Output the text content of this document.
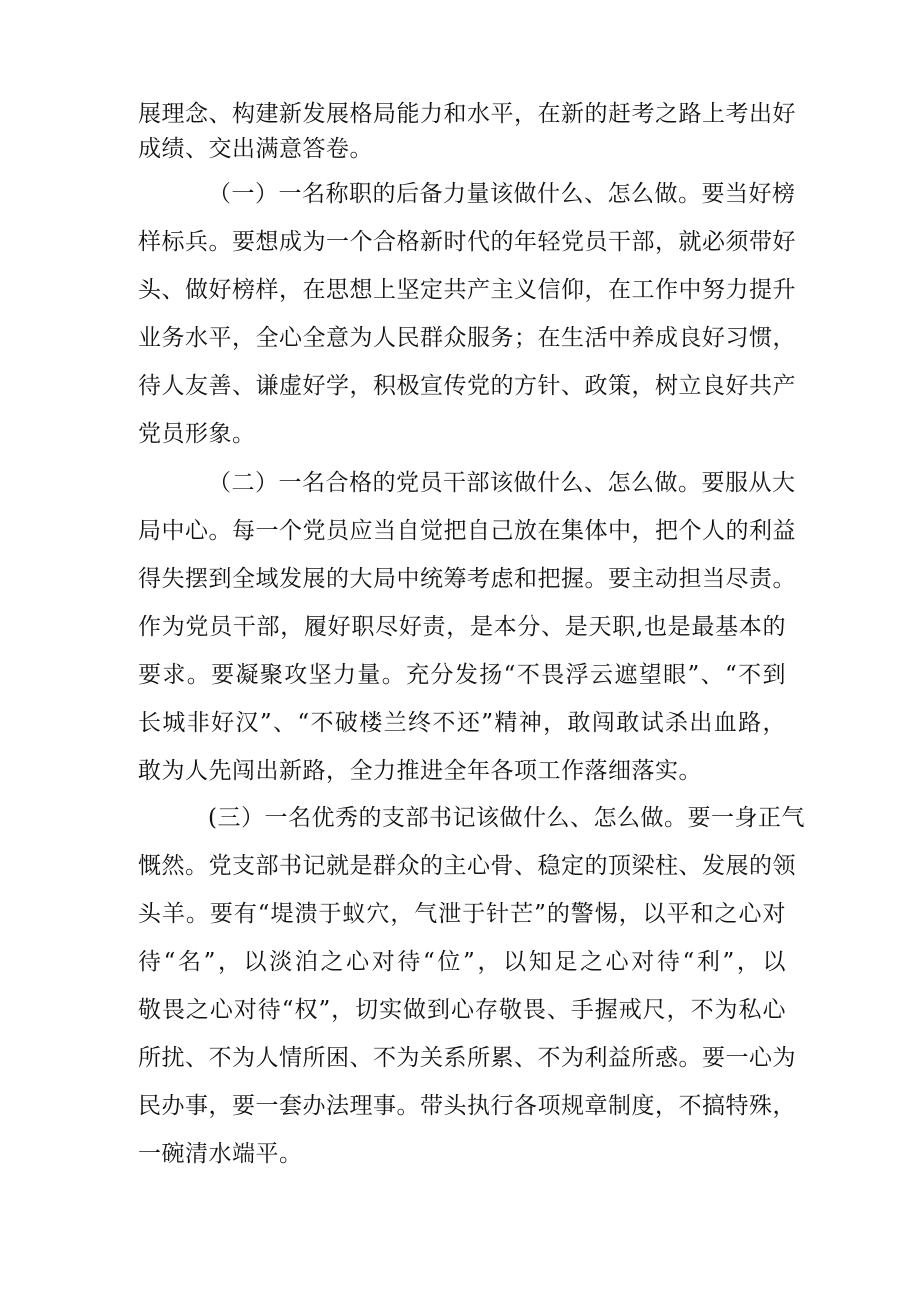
展理念、构建新发展格局能力和水平，在新的赶考之路上考出好
成绩、交出满意答卷。
（一）一名称职的后备力量该做什么、怎么做。要当好榜
样标兵。要想成为一个合格新时代的年轻党员干部，就必须带好
头、做好榜样，在思想上坚定共产主义信仰，在工作中努力提升
业务水平，全心全意为人民群众服务；在生活中养成良好习惯，
待人友善、谦虚好学，积极宣传党的方针、政策，树立良好共产
党员形象。
（二）一名合格的党员干部该做什么、怎么做。要服从大
局中心。每一个党员应当自觉把自己放在集体中，把个人的利益
得失摆到全域发展的大局中统筹考虑和把握。要主动担当尽责。
作为党员干部，履好职尽好责，是本分、是天职,也是最基本的
要求。要凝聚攻坚力量。充分发扬“不畏浮云遮望眼”、“不到
长城非好汉”、“不破楼兰终不还”精神，敢闯敢试杀出血路，
敢为人先闯出新路，全力推进全年各项工作落细落实。
(三）一名优秀的支部书记该做什么、怎么做。要一身正气
慨然。党支部书记就是群众的主心骨、稳定的顶梁柱、发展的领
头羊。要有“堤溃于蚁穴，气泄于针芒”的警惕，以平和之心对
待“名”，以淡泊之心对待“位”，以知足之心对待“利”，以
敬畏之心对待“权”，切实做到心存敬畏、手握戒尺，不为私心
所扰、不为人情所困、不为关系所累、不为利益所惑。要一心为
民办事，要一套办法理事。带头执行各项规章制度，不搞特殊，
一碗清水端平。
